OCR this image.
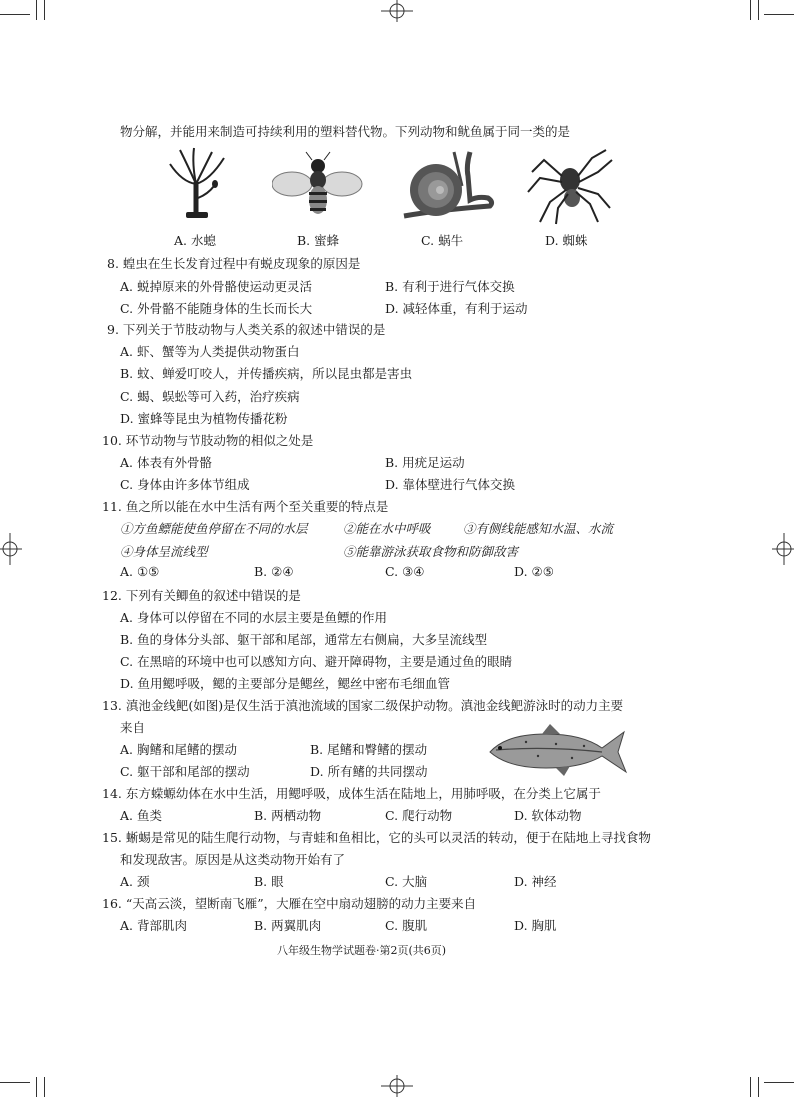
物分解，并能用来制造可持续利用的塑料替代物。下列动物和鱿鱼属于同一类的是
A. 水螅	B. 蜜蜂	C. 蜗牛	D. 蜘蛛
8. 蝗虫在生长发育过程中有蜕皮现象的原因是
A. 蜕掉原来的外骨骼使运动更灵活	B. 有利于进行气体交换
C. 外骨骼不能随身体的生长而长大	D. 减轻体重，有利于运动
9. 下列关于节肢动物与人类关系的叙述中错误的是
A. 虾、蟹等为人类提供动物蛋白
B. 蚊、蝉爱叮咬人，并传播疾病，所以昆虫都是害虫
C. 蝎、蜈蚣等可入药，治疗疾病
D. 蜜蜂等昆虫为植物传播花粉
10. 环节动物与节肢动物的相似之处是
A. 体表有外骨骼	B. 用疣足运动
C. 身体由许多体节组成	D. 靠体壁进行气体交换
11. 鱼之所以能在水中生活有两个至关重要的特点是
①方鱼鳔能使鱼停留在不同的水层	②能在水中呼吸	③有侧线能感知水温、水流
④身体呈流线型	⑤能靠游泳获取食物和防御敌害
A. ①⑤	B. ②④	C. ③④	D. ②⑤
12. 下列有关鲫鱼的叙述中错误的是
A. 身体可以停留在不同的水层主要是鱼鳔的作用
B. 鱼的身体分头部、躯干部和尾部，通常左右侧扁，大多呈流线型
C. 在黑暗的环境中也可以感知方向、避开障碍物，主要是通过鱼的眼睛
D. 鱼用鳃呼吸，鳃的主要部分是鳃丝，鳃丝中密布毛细血管
13. 滇池金线鲃(如图)是仅生活于滇池流域的国家二级保护动物。滇池金线鲃游泳时的动力主要
来自
A. 胸鳍和尾鳍的摆动	B. 尾鳍和臀鳍的摆动
C. 躯干部和尾部的摆动	D. 所有鳍的共同摆动
14. 东方蝾螈幼体在水中生活，用鳃呼吸，成体生活在陆地上，用肺呼吸，在分类上它属于
A. 鱼类	B. 两栖动物	C. 爬行动物	D. 软体动物
15. 蜥蜴是常见的陆生爬行动物，与青蛙和鱼相比，它的头可以灵活的转动，便于在陆地上寻找食物
和发现敌害。原因是从这类动物开始有了
A. 颈	B. 眼	C. 大脑	D. 神经
16. “天高云淡，望断南飞雁”，大雁在空中扇动翅膀的动力主要来自
A. 背部肌肉	B. 两翼肌肉	C. 腹肌	D. 胸肌
八年级生物学试题卷·第2页(共6页)
